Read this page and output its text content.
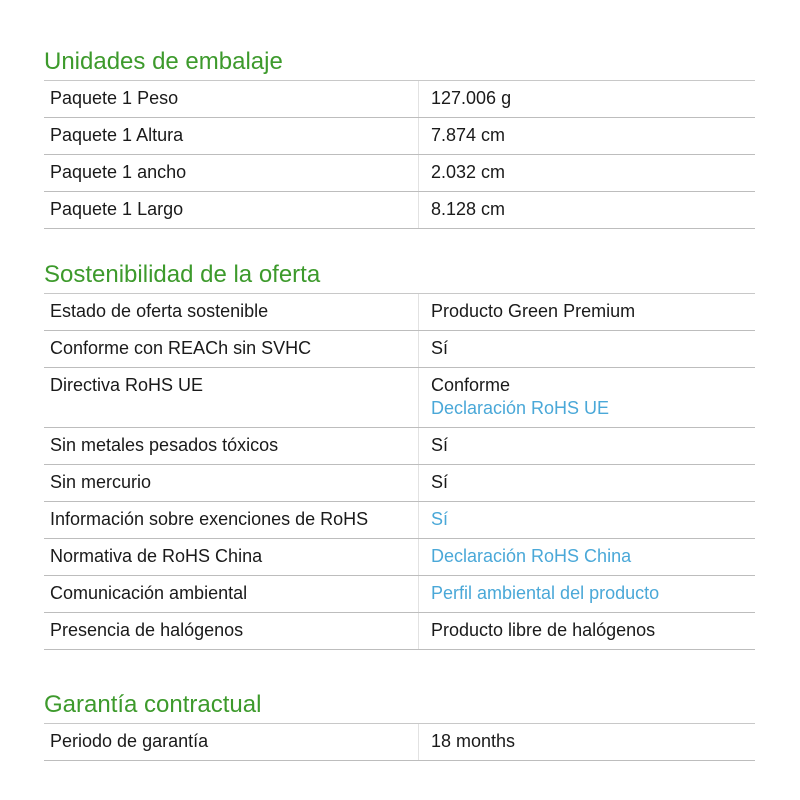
Unidades de embalaje
Paquete 1 Peso	127.006 g
Paquete 1 Altura	7.874 cm
Paquete 1 ancho	2.032 cm
Paquete 1 Largo	8.128 cm
Sostenibilidad de la oferta
Estado de oferta sostenible	Producto Green Premium
Conforme con REACh sin SVHC	Sí
Directiva RoHS UE	Conforme
Declaración RoHS UE

Sin metales pesados tóxicos	Sí
Sin mercurio	Sí
Información sobre exenciones de RoHS	Sí
Normativa de RoHS China	Declaración RoHS China
Comunicación ambiental	Perfil ambiental del producto
Presencia de halógenos	Producto libre de halógenos
Garantía contractual
Periodo de garantía	18 months
